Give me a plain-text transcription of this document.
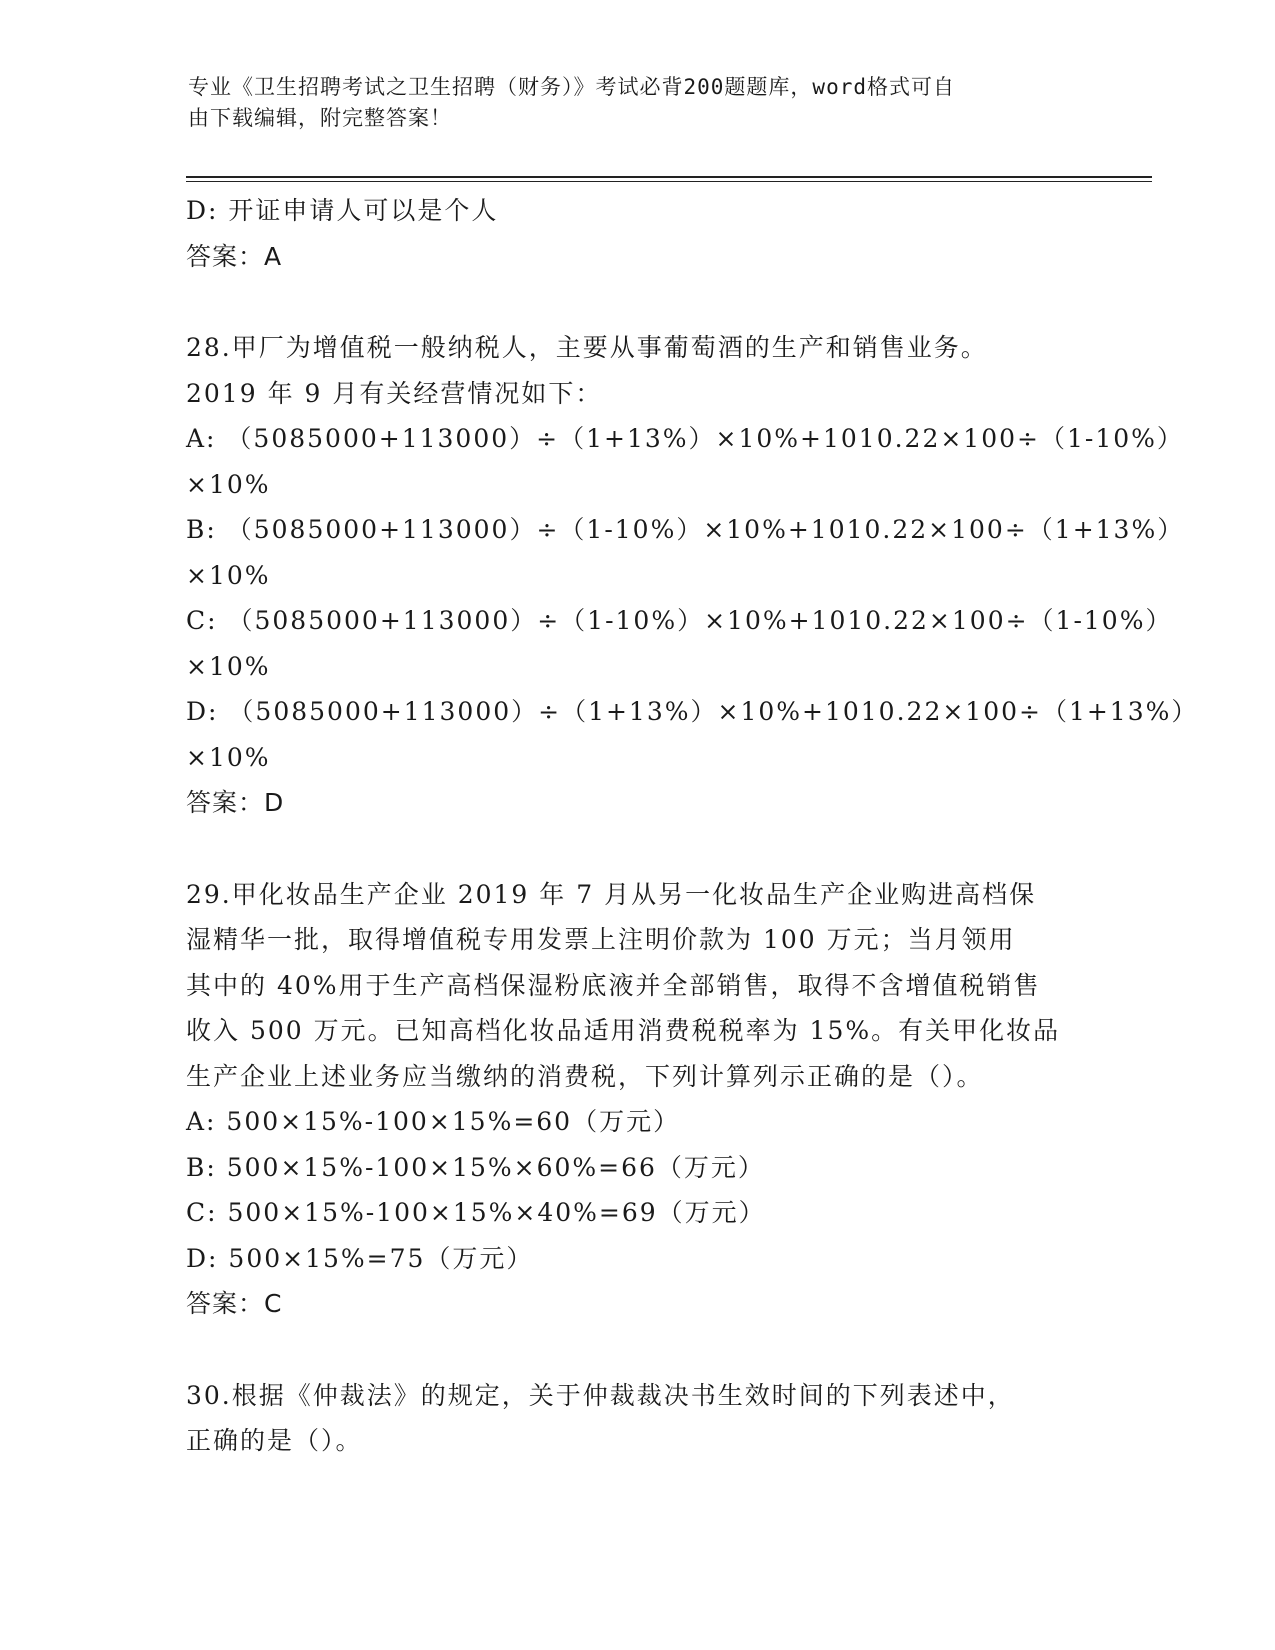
专业《卫生招聘考试之卫生招聘（财务）》考试必背200题题库，word格式可自
由下载编辑，附完整答案！
D: 开证申请人可以是个人
答案：A
28.甲厂为增值税一般纳税人，主要从事葡萄酒的生产和销售业务。
2019 年 9 月有关经营情况如下：
A: （5085000+113000）÷（1+13%）×10%+1010.22×100÷（1-10%）
×10%
B: （5085000+113000）÷（1-10%）×10%+1010.22×100÷（1+13%）
×10%
C: （5085000+113000）÷（1-10%）×10%+1010.22×100÷（1-10%）
×10%
D: （5085000+113000）÷（1+13%）×10%+1010.22×100÷（1+13%）
×10%
答案：D
29.甲化妆品生产企业 2019 年 7 月从另一化妆品生产企业购进高档保
湿精华一批，取得增值税专用发票上注明价款为 100 万元；当月领用
其中的 40%用于生产高档保湿粉底液并全部销售，取得不含增值税销售
收入 500 万元。已知高档化妆品适用消费税税率为 15%。有关甲化妆品
生产企业上述业务应当缴纳的消费税，下列计算列示正确的是（）。
A: 500×15%-100×15%=60（万元）
B: 500×15%-100×15%×60%=66（万元）
C: 500×15%-100×15%×40%=69（万元）
D: 500×15%=75（万元）
答案：C
30.根据《仲裁法》的规定，关于仲裁裁决书生效时间的下列表述中，
正确的是（）。
